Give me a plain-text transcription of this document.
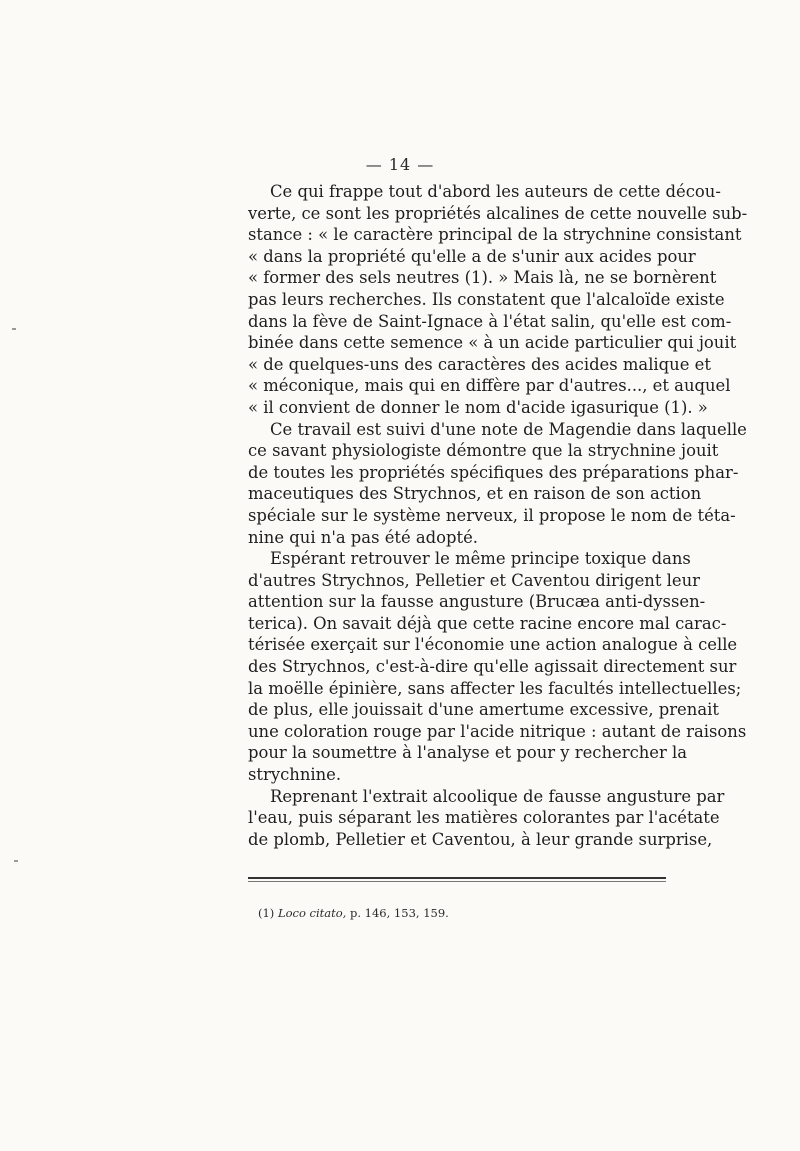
— 14 —
Ce qui frappe tout d'abord les auteurs de cette décou-
verte, ce sont les propriétés alcalines de cette nouvelle sub-
stance : « le caractère principal de la strychnine consistant
« dans la propriété qu'elle a de s'unir aux acides pour
« former des sels neutres (1). » Mais là, ne se bornèrent
pas leurs recherches. Ils constatent que l'alcaloïde existe
dans la fève de Saint-Ignace à l'état salin, qu'elle est com-
binée dans cette semence « à un acide particulier qui jouit
« de quelques-uns des caractères des acides malique et
« méconique, mais qui en diffère par d'autres..., et auquel
« il convient de donner le nom d'acide igasurique (1). »
Ce travail est suivi d'une note de Magendie dans laquelle
ce savant physiologiste démontre que la strychnine jouit
de toutes les propriétés spécifiques des préparations phar-
maceutiques des Strychnos, et en raison de son action
spéciale sur le système nerveux, il propose le nom de téta-
nine qui n'a pas été adopté.
Espérant retrouver le même principe toxique dans
d'autres Strychnos, Pelletier et Caventou dirigent leur
attention sur la fausse angusture (Brucæa anti-dyssen-
terica). On savait déjà que cette racine encore mal carac-
térisée exerçait sur l'économie une action analogue à celle
des Strychnos, c'est-à-dire qu'elle agissait directement sur
la moëlle épinière, sans affecter les facultés intellectuelles;
de plus, elle jouissait d'une amertume excessive, prenait
une coloration rouge par l'acide nitrique : autant de raisons
pour la soumettre à l'analyse et pour y rechercher la
strychnine.
Reprenant l'extrait alcoolique de fausse angusture par
l'eau, puis séparant les matières colorantes par l'acétate
de plomb, Pelletier et Caventou, à leur grande surprise,
(1) Loco citato, p. 146, 153, 159.
